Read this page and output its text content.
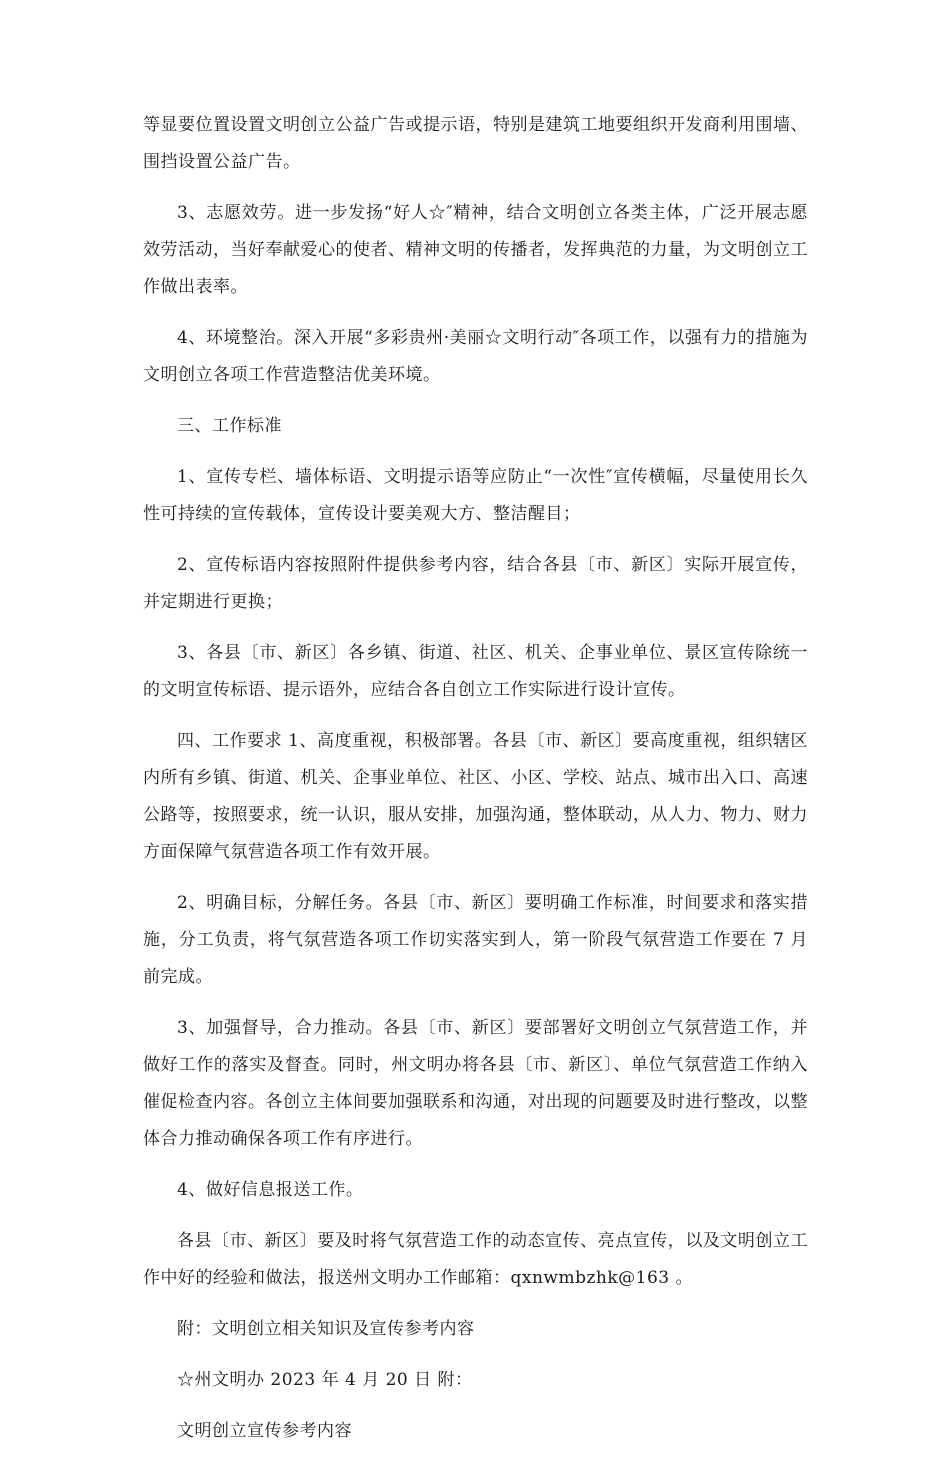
等显要位置设置文明创立公益广告或提示语，特别是建筑工地要组织开发商利用围墙、围挡设置公益广告。

3、志愿效劳。进一步发扬“好人☆″精神，结合文明创立各类主体，广泛开展志愿效劳活动，当好奉献爱心的使者、精神文明的传播者，发挥典范的力量，为文明创立工作做出表率。

4、环境整治。深入开展“多彩贵州·美丽☆文明行动″各项工作，以强有力的措施为文明创立各项工作营造整洁优美环境。

三、工作标准

1、宣传专栏、墙体标语、文明提示语等应防止“一次性″宣传横幅，尽量使用长久性可持续的宣传载体，宣传设计要美观大方、整洁醒目；

2、宣传标语内容按照附件提供参考内容，结合各县〔市、新区〕实际开展宣传，并定期进行更换；

3、各县〔市、新区〕各乡镇、街道、社区、机关、企事业单位、景区宣传除统一的文明宣传标语、提示语外，应结合各自创立工作实际进行设计宣传。

四、工作要求 1、高度重视，积极部署。各县〔市、新区〕要高度重视，组织辖区内所有乡镇、街道、机关、企事业单位、社区、小区、学校、站点、城市出入口、高速公路等，按照要求，统一认识，服从安排，加强沟通，整体联动，从人力、物力、财力方面保障气氛营造各项工作有效开展。

2、明确目标，分解任务。各县〔市、新区〕要明确工作标准，时间要求和落实措施，分工负责，将气氛营造各项工作切实落实到人，第一阶段气氛营造工作要在 7 月前完成。

3、加强督导，合力推动。各县〔市、新区〕要部署好文明创立气氛营造工作，并做好工作的落实及督查。同时，州文明办将各县〔市、新区〕、单位气氛营造工作纳入催促检查内容。各创立主体间要加强联系和沟通，对出现的问题要及时进行整改，以整体合力推动确保各项工作有序进行。

4、做好信息报送工作。

各县〔市、新区〕要及时将气氛营造工作的动态宣传、亮点宣传，以及文明创立工作中好的经验和做法，报送州文明办工作邮箱：qxnwmbzhk@163 。

附：文明创立相关知识及宣传参考内容

☆州文明办 2023 年 4 月 20 日 附：

文明创立宣传参考内容
